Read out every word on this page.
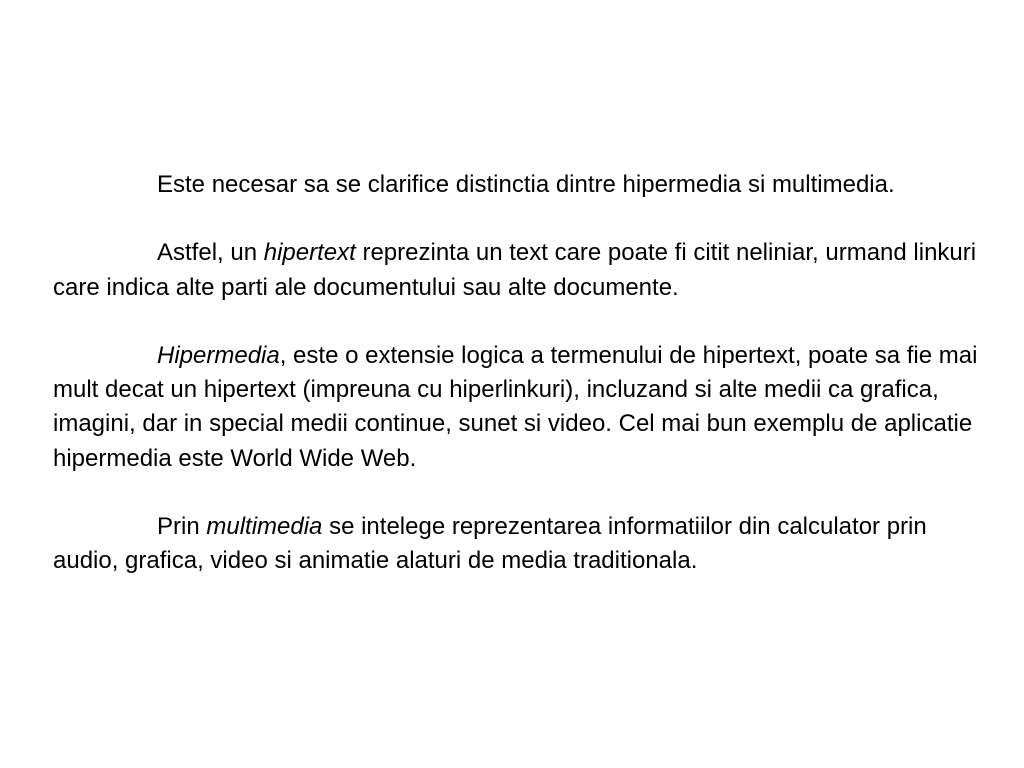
Este necesar sa se clarifice distinctia dintre hipermedia si multimedia.

Astfel, un hipertext reprezinta un text care poate fi citit neliniar, urmand linkuri care indica alte parti ale documentului sau alte documente.

Hipermedia, este o extensie logica a termenului de hipertext, poate sa fie mai mult decat un hipertext (impreuna cu hiperlinkuri), incluzand si alte medii ca grafica, imagini, dar in special medii continue, sunet si video. Cel mai bun exemplu de aplicatie hipermedia este World Wide Web.

Prin multimedia se intelege reprezentarea informatiilor din calculator prin audio, grafica, video si animatie alaturi de media traditionala.
